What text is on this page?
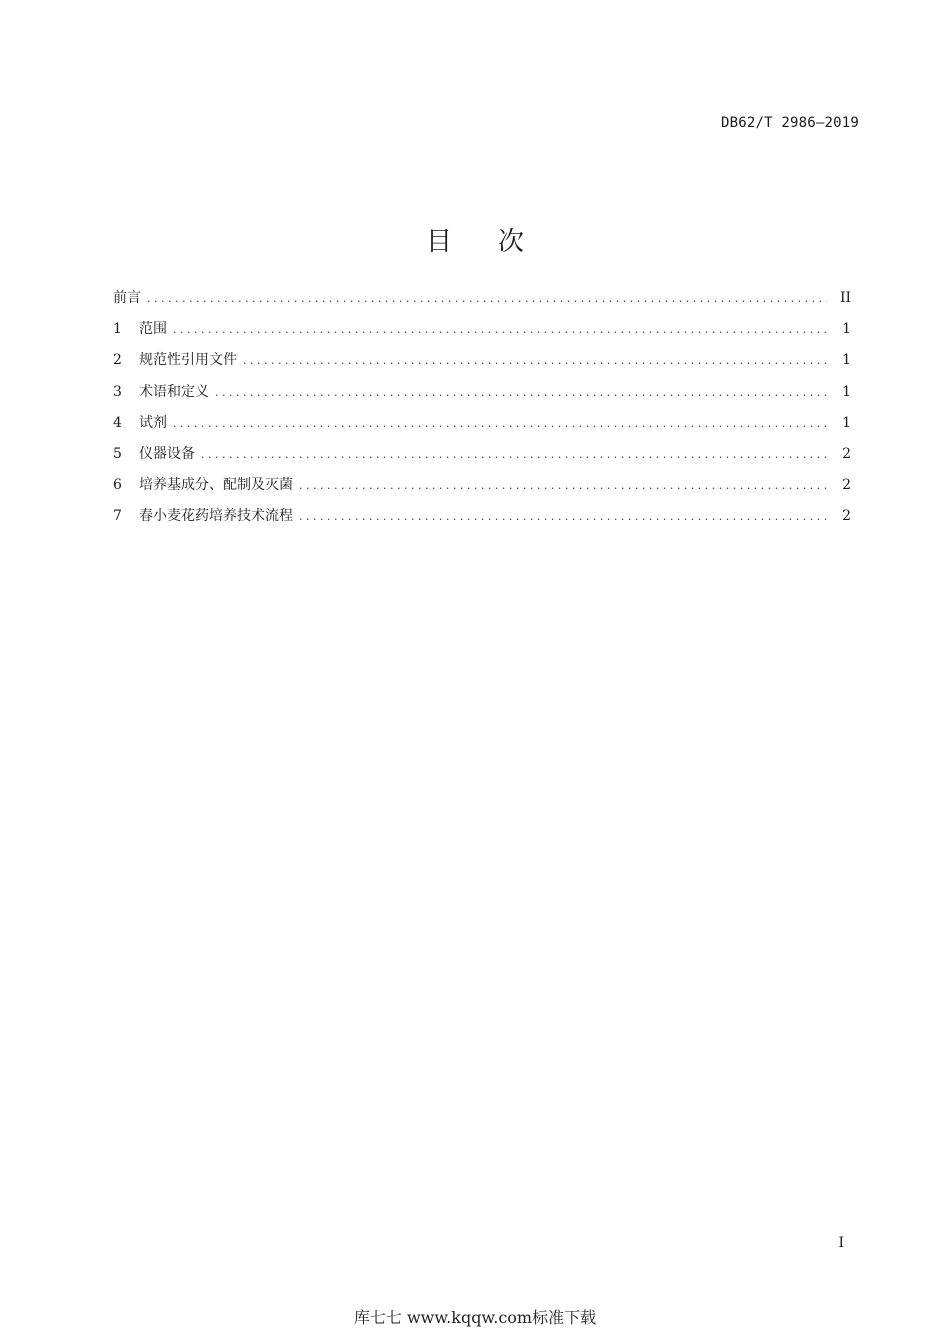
DB62/T 2986—2019
目 次
前言 .....	II
1	范围 .....	1
2	规范性引用文件 .....	1
3	术语和定义 .....	1
4	试剂 .....	1
5	仪器设备 .....	2
6	培养基成分、配制及灭菌 .....	2
7	春小麦花药培养技术流程 .....	2
I
库七七 www.kqqw.com标准下载
